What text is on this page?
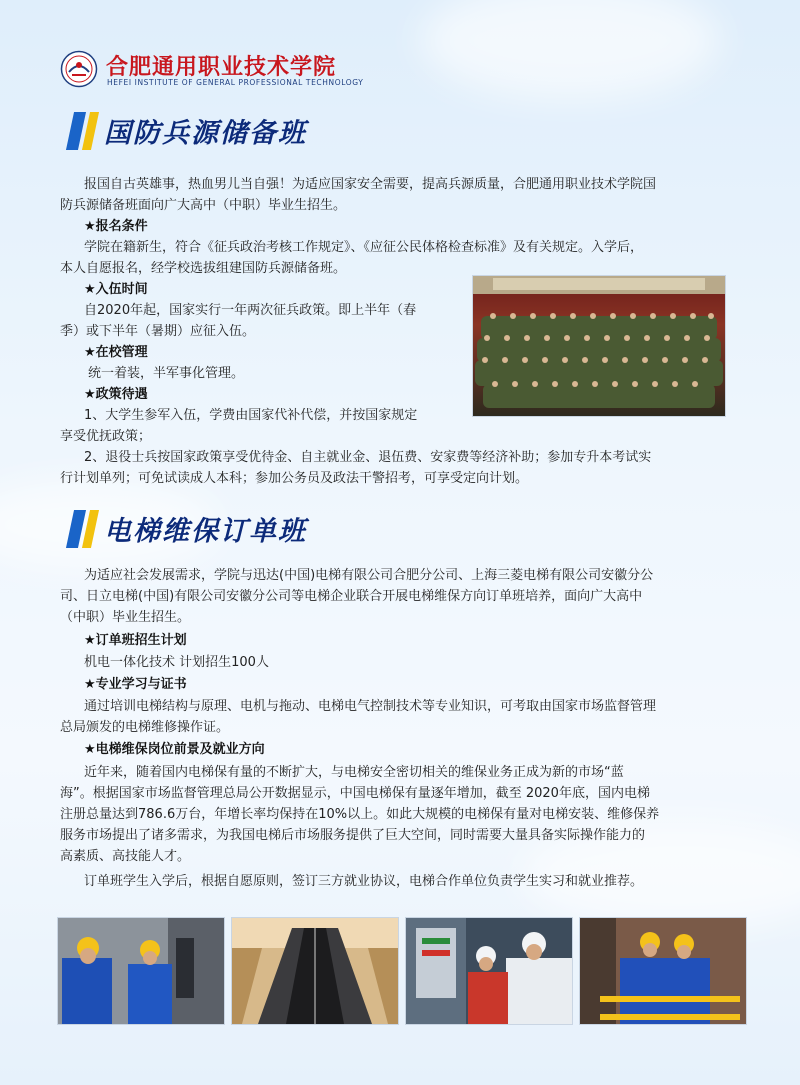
合肥通用职业技术学院
HEFEI INSTITUTE OF GENERAL PROFESSIONAL TECHNOLOGY
国防兵源储备班
报国自古英雄事，热血男儿当自强！为适应国家安全需要，提高兵源质量，合肥通用职业技术学院国
防兵源储备班面向广大高中（中职）毕业生招生。
★报名条件
学院在籍新生，符合《征兵政治考核工作规定》、《应征公民体格检查标准》及有关规定。入学后，
本人自愿报名，经学校选拔组建国防兵源储备班。
★入伍时间
自2020年起，国家实行一年两次征兵政策。即上半年（春
季）或下半年（暑期）应征入伍。
★在校管理
统一着装，半军事化管理。
★政策待遇
1、大学生参军入伍，学费由国家代补代偿，并按国家规定
享受优抚政策；
2、退役士兵按国家政策享受优待金、自主就业金、退伍费、安家费等经济补助；参加专升本考试实
行计划单列；可免试读成人本科；参加公务员及政法干警招考，可享受定向计划。
电梯维保订单班
为适应社会发展需求，学院与迅达(中国)电梯有限公司合肥分公司、上海三菱电梯有限公司安徽分公
司、日立电梯(中国)有限公司安徽分公司等电梯企业联合开展电梯维保方向订单班培养，面向广大高中
（中职）毕业生招生。
★订单班招生计划
机电一体化技术 计划招生100人
★专业学习与证书
通过培训电梯结构与原理、电机与拖动、电梯电气控制技术等专业知识，可考取由国家市场监督管理
总局颁发的电梯维修操作证。
★电梯维保岗位前景及就业方向
近年来，随着国内电梯保有量的不断扩大，与电梯安全密切相关的维保业务正成为新的市场“蓝
海”。根据国家市场监督管理总局公开数据显示，中国电梯保有量逐年增加，截至 2020年底，国内电梯
注册总量达到786.6万台，年增长率均保持在10%以上。如此大规模的电梯保有量对电梯安装、维修保养
服务市场提出了诸多需求，为我国电梯后市场服务提供了巨大空间，同时需要大量具备实际操作能力的
高素质、高技能人才。
订单班学生入学后，根据自愿原则，签订三方就业协议，电梯合作单位负责学生实习和就业推荐。
